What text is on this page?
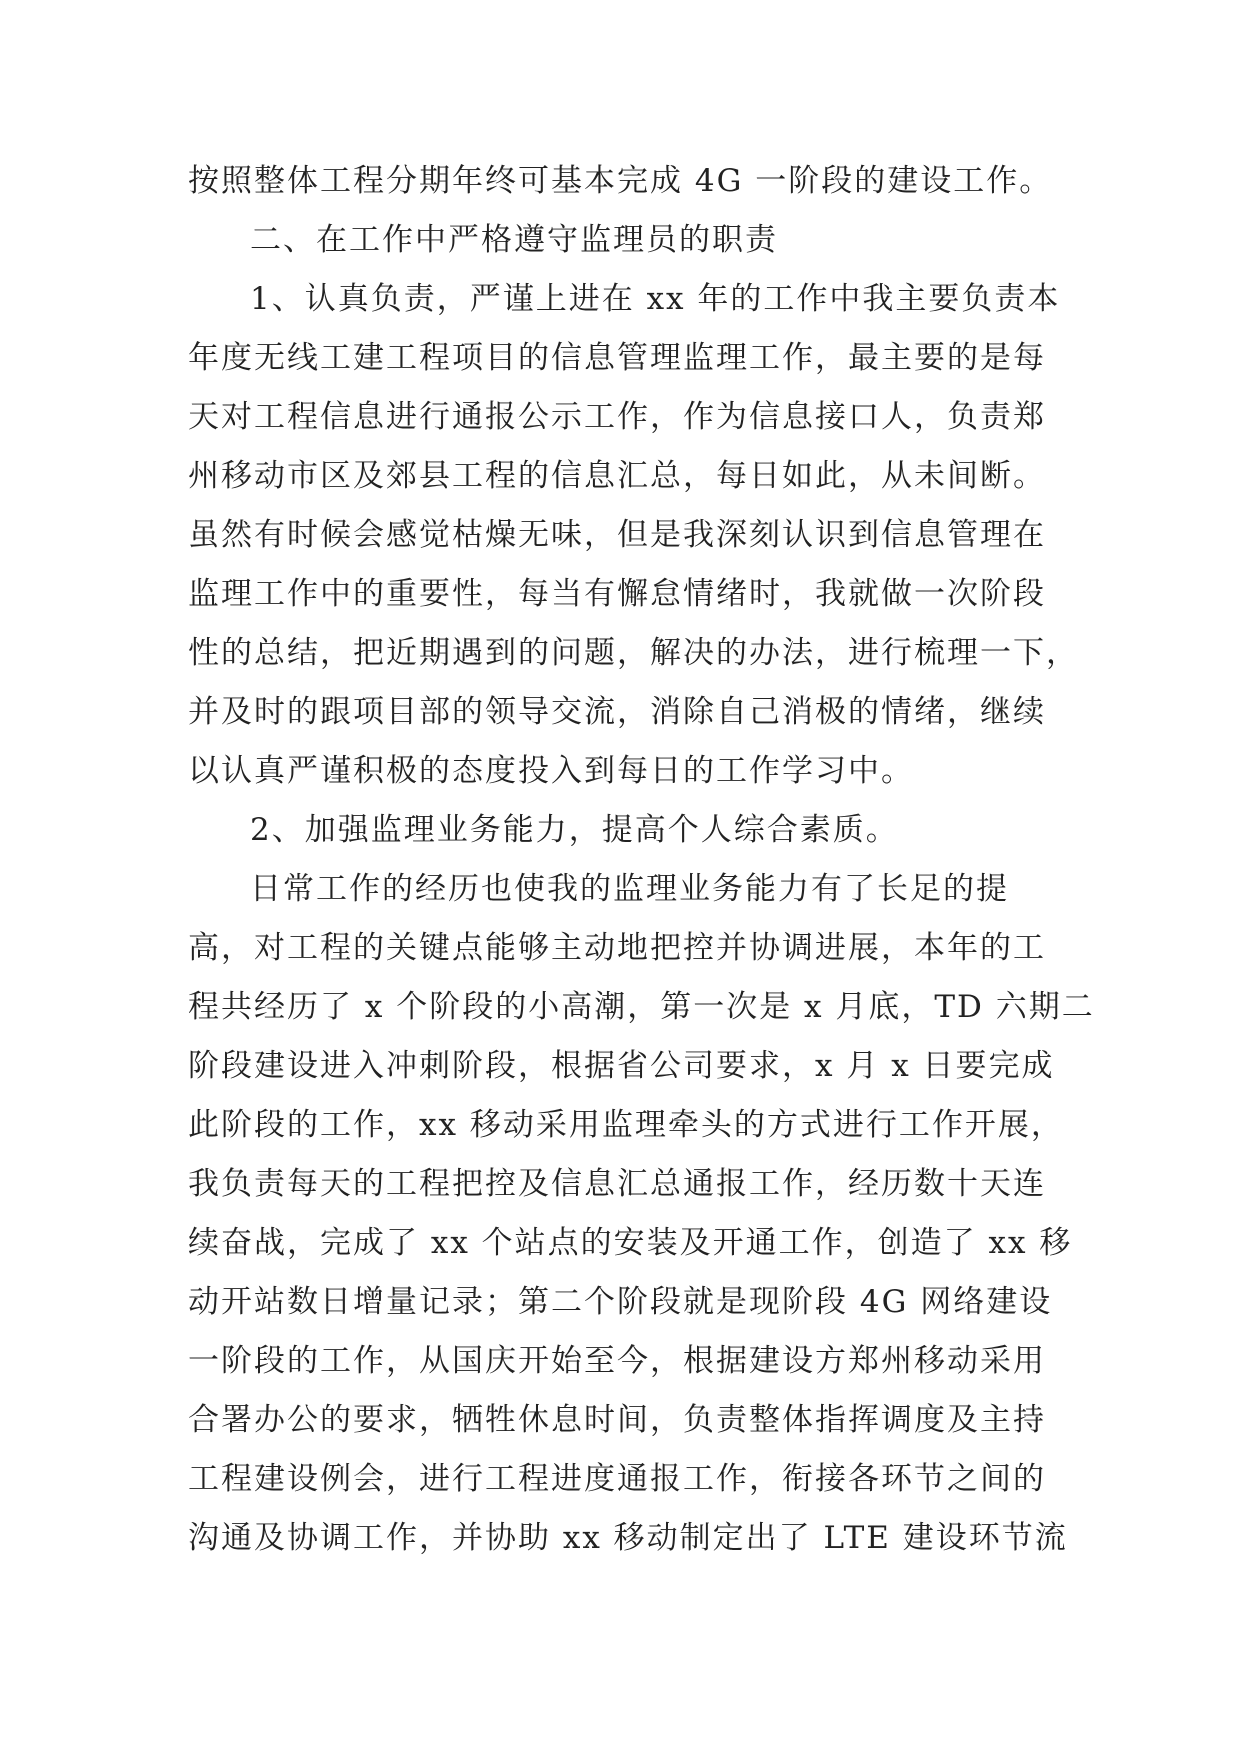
按照整体工程分期年终可基本完成 4G 一阶段的建设工作。
二、在工作中严格遵守监理员的职责
1、认真负责，严谨上进在 xx 年的工作中我主要负责本
年度无线工建工程项目的信息管理监理工作，最主要的是每
天对工程信息进行通报公示工作，作为信息接口人，负责郑
州移动市区及郊县工程的信息汇总，每日如此，从未间断。
虽然有时候会感觉枯燥无味，但是我深刻认识到信息管理在
监理工作中的重要性，每当有懈怠情绪时，我就做一次阶段
性的总结，把近期遇到的问题，解决的办法，进行梳理一下，
并及时的跟项目部的领导交流，消除自己消极的情绪，继续
以认真严谨积极的态度投入到每日的工作学习中。
2、加强监理业务能力，提高个人综合素质。
日常工作的经历也使我的监理业务能力有了长足的提
高，对工程的关键点能够主动地把控并协调进展，本年的工
程共经历了 x 个阶段的小高潮，第一次是 x 月底，TD 六期二
阶段建设进入冲刺阶段，根据省公司要求，x 月 x 日要完成
此阶段的工作，xx 移动采用监理牵头的方式进行工作开展，
我负责每天的工程把控及信息汇总通报工作，经历数十天连
续奋战，完成了 xx 个站点的安装及开通工作，创造了 xx 移
动开站数日增量记录；第二个阶段就是现阶段 4G 网络建设
一阶段的工作，从国庆开始至今，根据建设方郑州移动采用
合署办公的要求，牺牲休息时间，负责整体指挥调度及主持
工程建设例会，进行工程进度通报工作，衔接各环节之间的
沟通及协调工作，并协助 xx 移动制定出了 LTE 建设环节流
